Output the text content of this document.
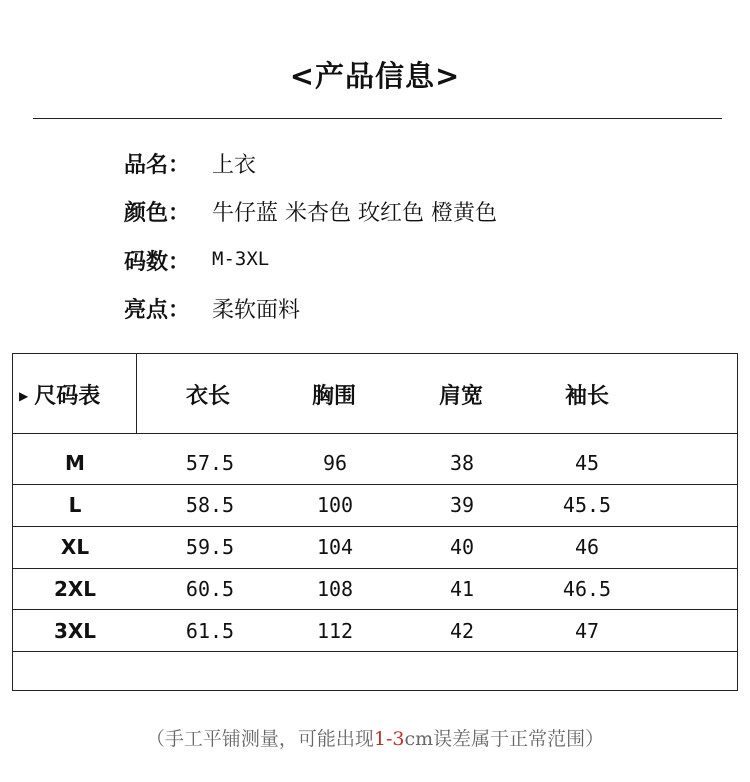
<产品信息>
品名： 上衣
颜色： 牛仔蓝 米杏色 玫红色 橙黄色
码数： M-3XL
亮点： 柔软面料
▶ 尺码表	衣长	胸围	肩宽	袖长
M	57.5	96	38	45
L	58.5	100	39	45.5
XL	59.5	104	40	46
2XL	60.5	108	41	46.5
3XL	61.5	112	42	47
（手工平铺测量，可能出现1-3cm误差属于正常范围）
